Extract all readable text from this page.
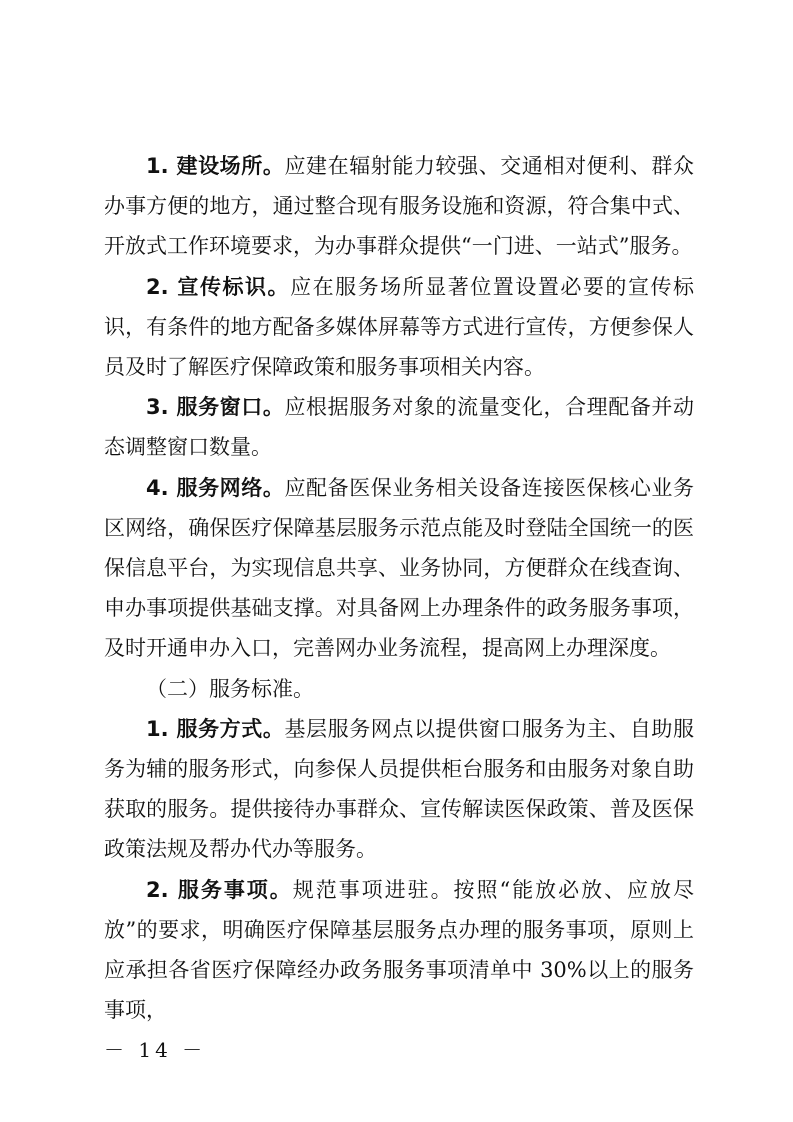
1. 建设场所。应建在辐射能力较强、交通相对便利、群众办事方便的地方，通过整合现有服务设施和资源，符合集中式、开放式工作环境要求，为办事群众提供“一门进、一站式”服务。

2. 宣传标识。应在服务场所显著位置设置必要的宣传标识，有条件的地方配备多媒体屏幕等方式进行宣传，方便参保人员及时了解医疗保障政策和服务事项相关内容。

3. 服务窗口。应根据服务对象的流量变化，合理配备并动态调整窗口数量。

4. 服务网络。应配备医保业务相关设备连接医保核心业务区网络，确保医疗保障基层服务示范点能及时登陆全国统一的医保信息平台，为实现信息共享、业务协同，方便群众在线查询、申办事项提供基础支撑。对具备网上办理条件的政务服务事项，及时开通申办入口，完善网办业务流程，提高网上办理深度。

（二）服务标准。

1. 服务方式。基层服务网点以提供窗口服务为主、自助服务为辅的服务形式，向参保人员提供柜台服务和由服务对象自助获取的服务。提供接待办事群众、宣传解读医保政策、普及医保政策法规及帮办代办等服务。

2. 服务事项。规范事项进驻。按照“能放必放、应放尽放”的要求，明确医疗保障基层服务点办理的服务事项，原则上应承担各省医疗保障经办政务服务事项清单中 30%以上的服务事项，

－ 14 －
